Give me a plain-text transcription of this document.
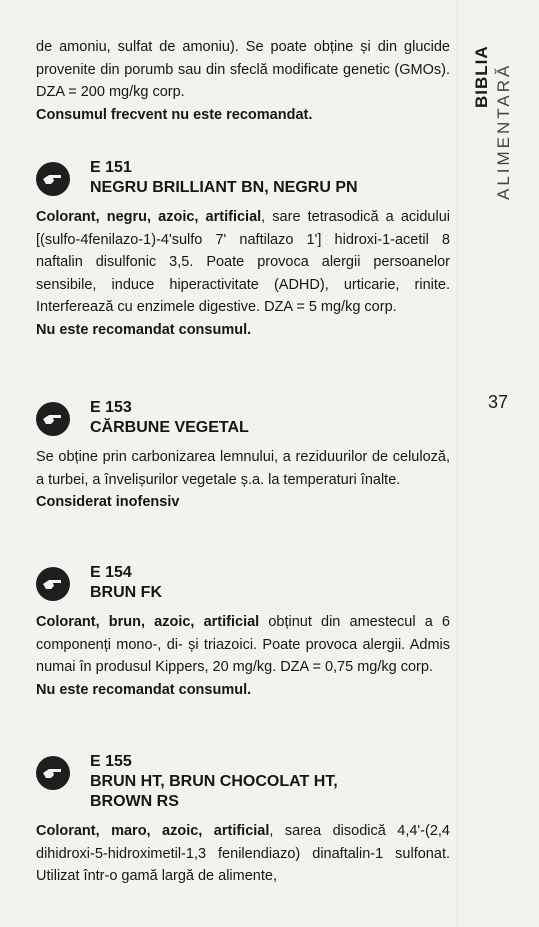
BIBLIA ALIMENTARĂ
37

de amoniu, sulfat de amoniu). Se poate obține și din glucide provenite din porumb sau din sfeclă modificate genetic (GMOs). DZA = 200 mg/kg corp.

Consumul frecvent nu este recomandat.

E 151
NEGRU BRILLIANT BN, NEGRU PN

Colorant, negru, azoic, artificial, sare tetrasodică a acidului [(sulfo-4fenilazo-1)-4'sulfo 7' naftilazo 1'] hidroxi-1-acetil 8 naftalin disulfonic 3,5. Poate provoca alergii persoanelor sensibile, induce hiperactivitate (ADHD), urticarie, rinite. Interferează cu enzimele digestive. DZA = 5 mg/kg corp.

Nu este recomandat consumul.

E 153
CĂRBUNE VEGETAL

Se obține prin carbonizarea lemnului, a reziduurilor de celuloză, a turbei, a învelișurilor vegetale ș.a. la temperaturi înalte.

Considerat inofensiv

E 154
BRUN FK

Colorant, brun, azoic, artificial obținut din amestecul a 6 componenți mono-, di- și triazoici. Poate provoca alergii. Admis numai în produsul Kippers, 20 mg/kg. DZA = 0,75 mg/kg corp.

Nu este recomandat consumul.

E 155
BRUN HT, BRUN CHOCOLAT HT,
BROWN RS

Colorant, maro, azoic, artificial, sarea disodică 4,4'-(2,4 dihidroxi-5-hidroximetil-1,3 fenilendiazo) dinaftalin-1 sulfonat. Utilizat într-o gamă largă de alimente,
